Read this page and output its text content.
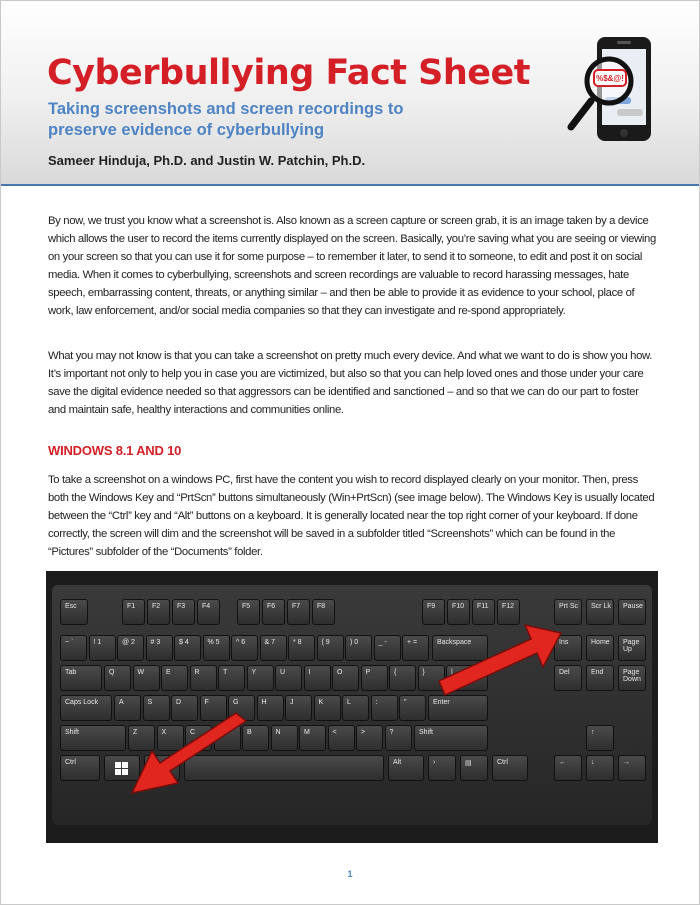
Cyberbullying Fact Sheet
Taking screenshots and screen recordings to preserve evidence of cyberbullying
Sameer Hinduja, Ph.D. and Justin W. Patchin, Ph.D.
%$&@!
By now, we trust you know what a screenshot is. Also known as a screen capture or screen grab, it is an image taken by a device which allows the user to record the items currently displayed on the screen. Basically, you’re saving what you are seeing or viewing on your screen so that you can use it for some purpose – to remember it later, to send it to someone, to edit and post it on social media. When it comes to cyberbullying, screenshots and screen recordings are valuable to record harassing messages, hate speech, embarrassing content, threats, or anything similar – and then be able to provide it as evidence to your school, place of work, law enforcement, and/or social media companies so that they can investigate and re-spond appropriately.
What you may not know is that you can take a screenshot on pretty much every device. And what we want to do is show you how. It’s important not only to help you in case you are victimized, but also so that you can help loved ones and those under your care save the digital evidence needed so that aggressors can be identified and sanctioned – and so that we can do our part to foster and maintain safe, healthy interactions and communities online.
WINDOWS 8.1 AND 10
To take a screenshot on a windows PC, first have the content you wish to record displayed clearly on your monitor. Then, press both the Windows Key and “PrtScn” buttons simultaneously (Win+PrtScn) (see image below). The Windows Key is usually located between the “Ctrl” key and “Alt” buttons on a keyboard. It is generally located near the top right corner of your keyboard. If done correctly, the screen will dim and the screenshot will be saved in a subfolder titled “Screenshots” which can be found in the “Pictures” subfolder of the “Documents” folder.
Esc	F1	F2	F3	F4	F5	F6	F7	F8	F9	F10	F11	F12	Prt Sc	Scr Lk	Pause
~ `	! 1	@ 2	# 3	$ 4	% 5	^ 6	& 7	* 8	( 9	) 0	_ -	+ =	Backspace	Ins	Home	Page Up
Tab	Q	W	E	R	T	Y	U	I	O	P	{	}	|	Del	End	Page Down
Caps Lock	A	S	D	F	G	H	J	K	L	:	"	Enter
Shift	Z	X	C	B	N	M	<	>	?	Shift	↑
Ctrl	Alt	›	▤	Ctrl	←	↓	→
1
